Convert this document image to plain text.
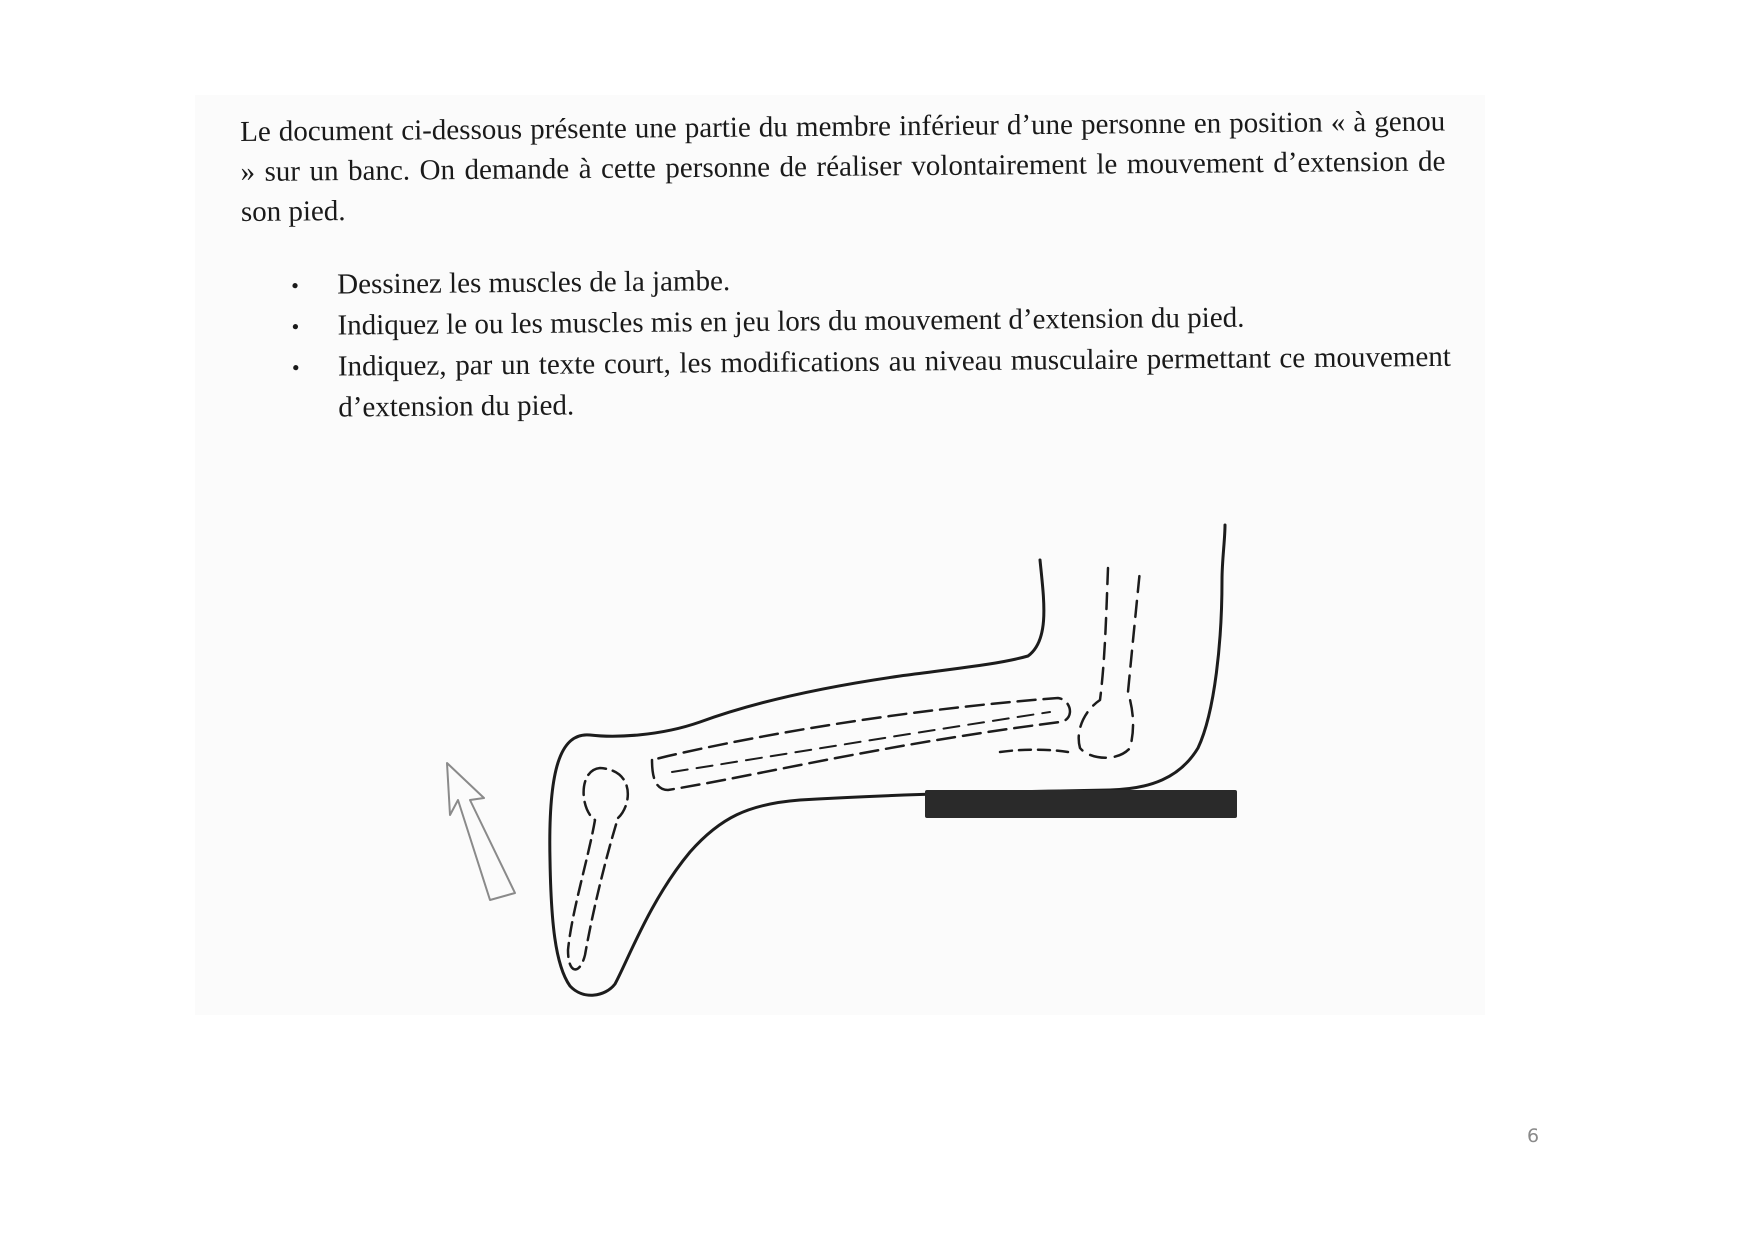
Le document ci-dessous présente une partie du membre inférieur d’une personne en position « à genou » sur un banc. On demande à cette personne de réaliser volontairement le mouvement d’extension de son pied.

• Dessinez les muscles de la jambe.
• Indiquez le ou les muscles mis en jeu lors du mouvement d’extension du pied.
• Indiquez, par un texte court, les modifications au niveau musculaire permettant ce mouvement d’extension du pied.
6
